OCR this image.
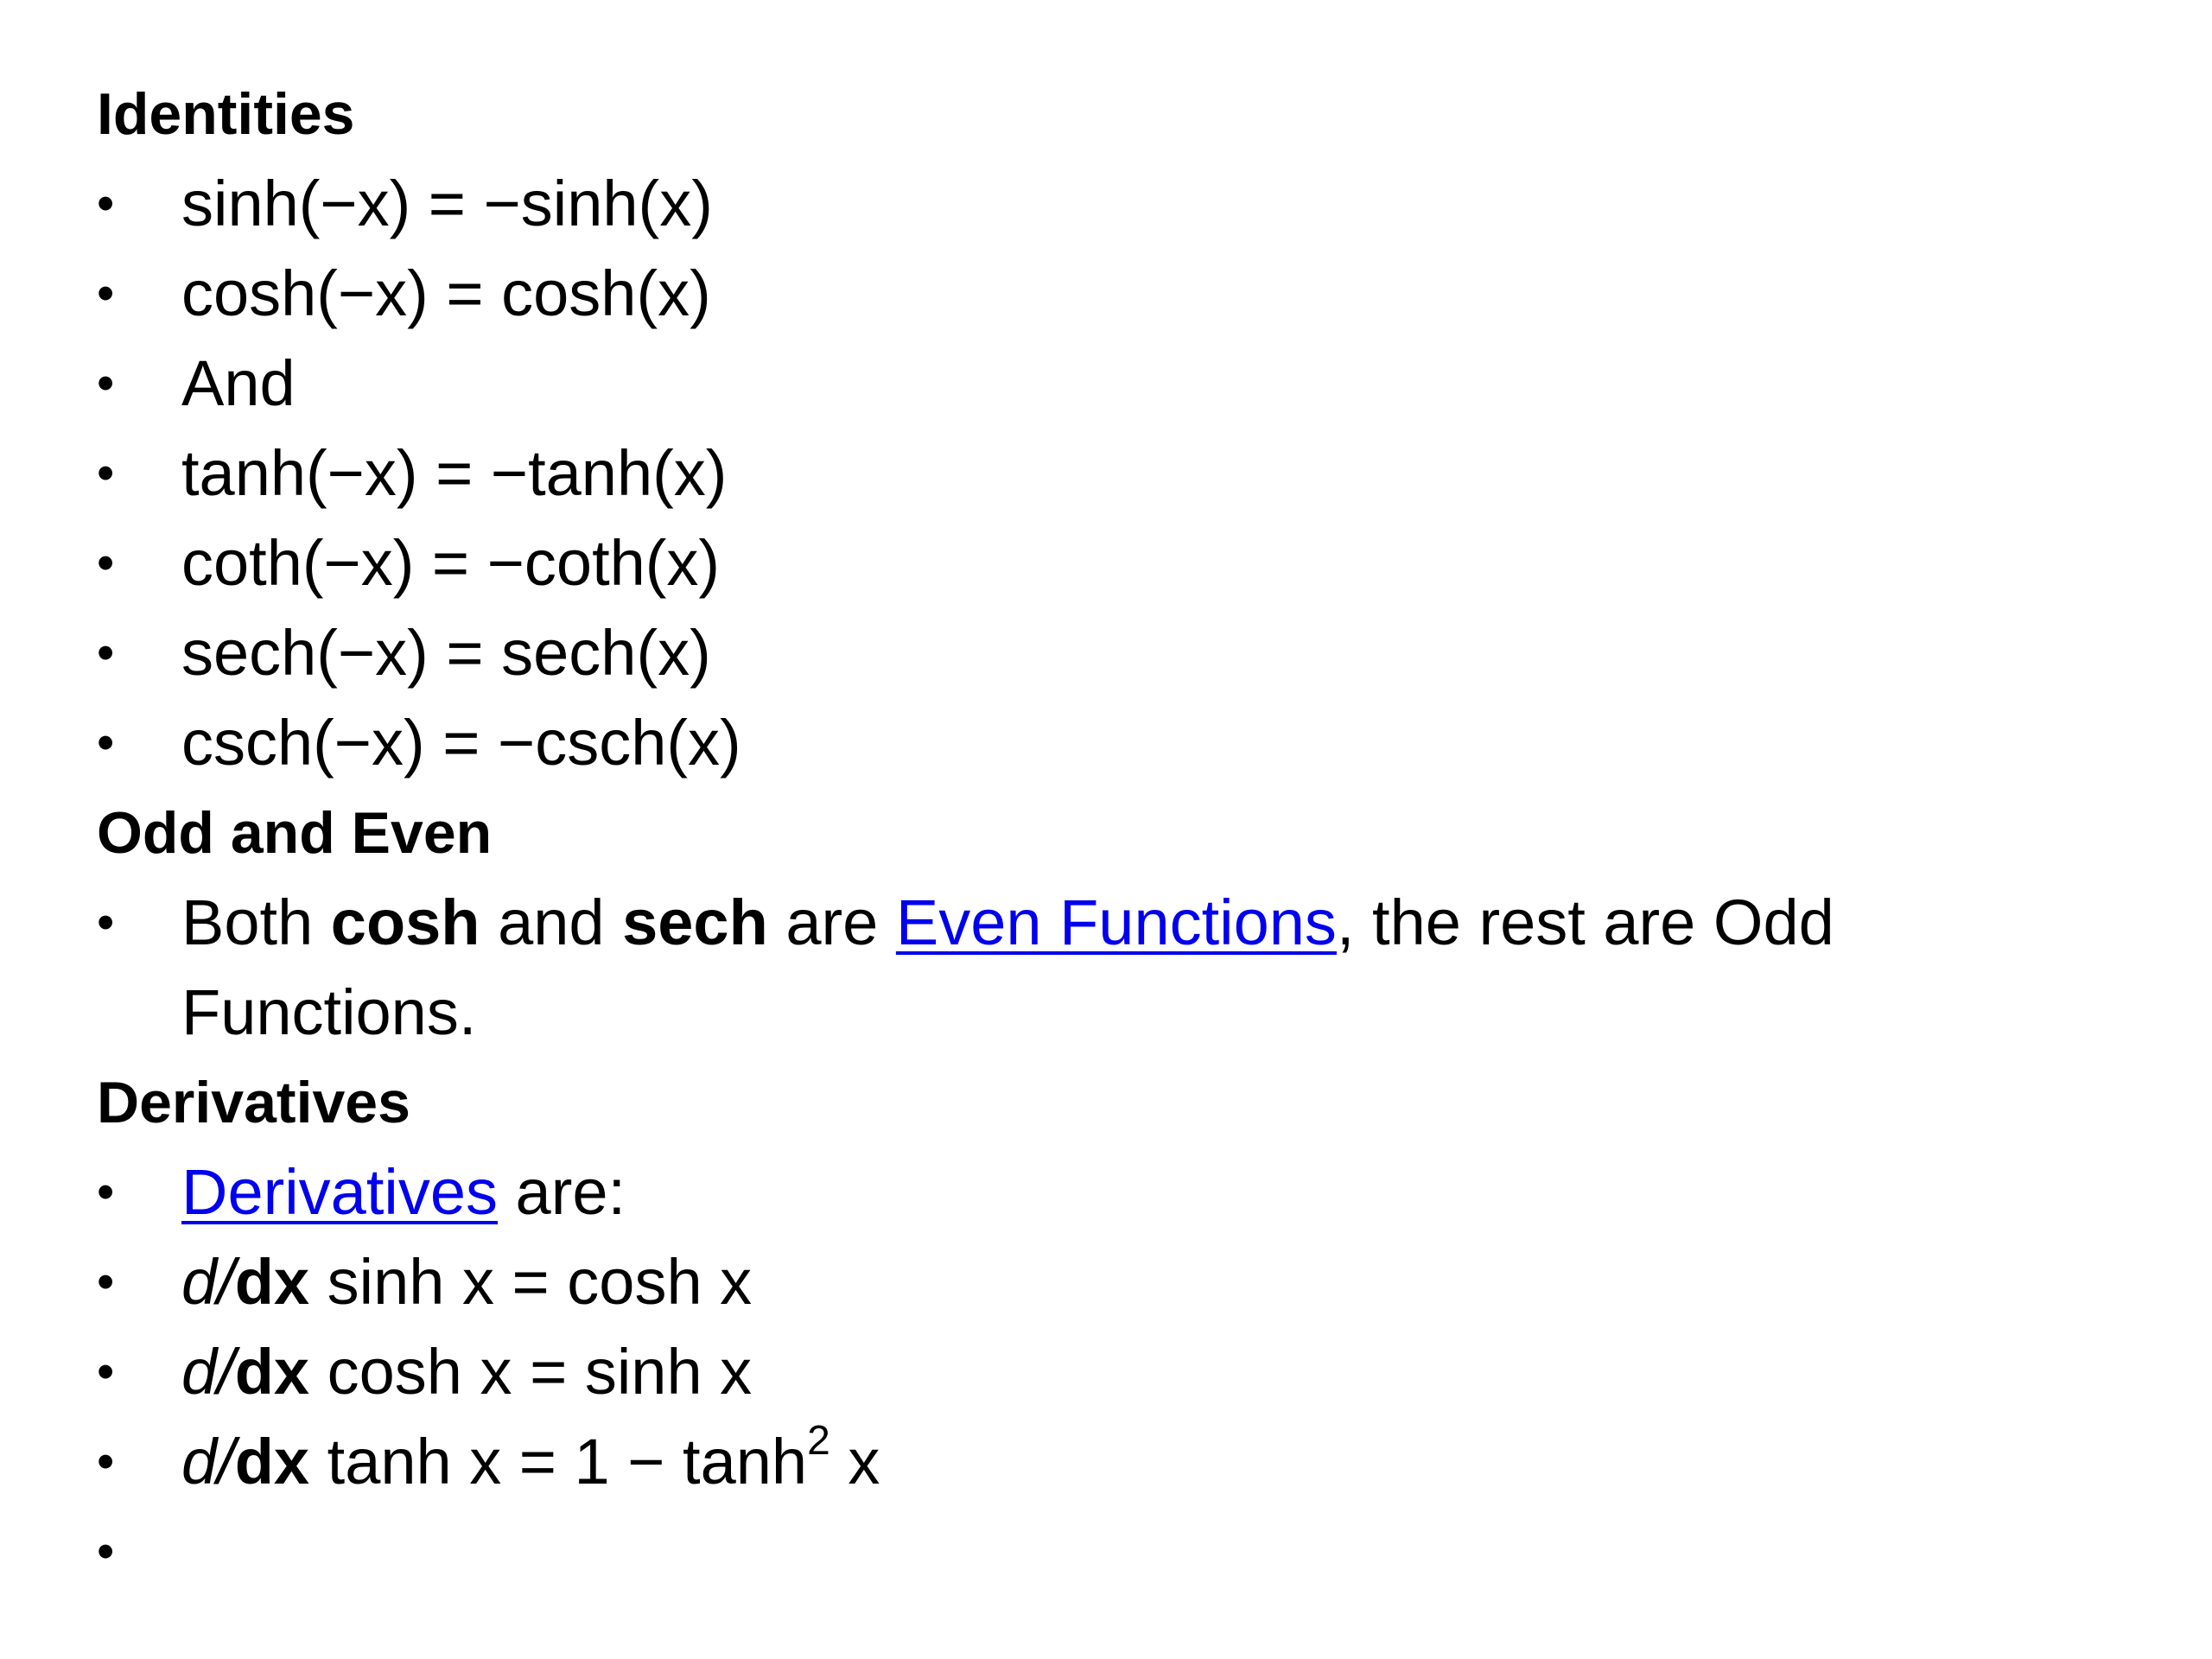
Identities
• sinh(−x) = −sinh(x)
• cosh(−x) = cosh(x)
• And
• tanh(−x) = −tanh(x)
• coth(−x) = −coth(x)
• sech(−x) = sech(x)
• csch(−x) = −csch(x)
Odd and Even
• Both cosh and sech are Even Functions, the rest are Odd Functions.
Derivatives
• Derivatives are:
• d/dx sinh x = cosh x
• d/dx cosh x = sinh x
• d/dx $\tanh x = 1 - \tanh^2 x$
•
